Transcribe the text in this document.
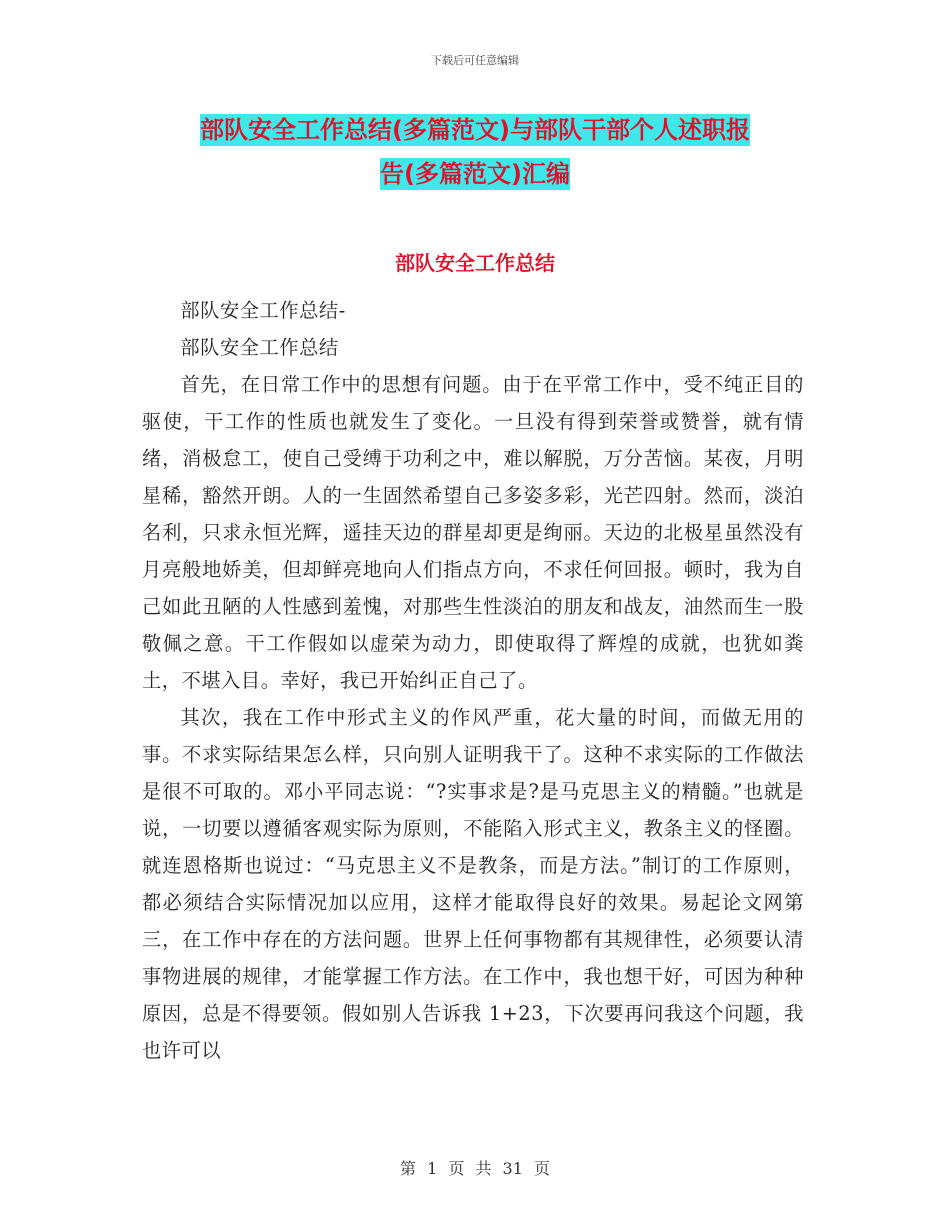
下载后可任意编辑
部队安全工作总结(多篇范文)与部队干部个人述职报
告(多篇范文)汇编
部队安全工作总结

部队安全工作总结-

部队安全工作总结

首先，在日常工作中的思想有问题。由于在平常工作中，受不纯正目的驱使，干工作的性质也就发生了变化。一旦没有得到荣誉或赞誉，就有情绪，消极怠工，使自己受缚于功利之中，难以解脱，万分苦恼。某夜，月明星稀，豁然开朗。人的一生固然希望自己多姿多彩，光芒四射。然而，淡泊名利，只求永恒光辉，遥挂天边的群星却更是绚丽。天边的北极星虽然没有月亮般地娇美，但却鲜亮地向人们指点方向，不求任何回报。顿时，我为自己如此丑陋的人性感到羞愧，对那些生性淡泊的朋友和战友，油然而生一股敬佩之意。干工作假如以虚荣为动力，即使取得了辉煌的成就，也犹如粪土，不堪入目。幸好，我已开始纠正自己了。

其次，我在工作中形式主义的作风严重，花大量的时间，而做无用的事。不求实际结果怎么样，只向别人证明我干了。这种不求实际的工作做法是很不可取的。邓小平同志说：“?实事求是?是马克思主义的精髓。”也就是说，一切要以遵循客观实际为原则，不能陷入形式主义，教条主义的怪圈。就连恩格斯也说过：“马克思主义不是教条，而是方法。”制订的工作原则，都必须结合实际情况加以应用，这样才能取得良好的效果。易起论文网第三，在工作中存在的方法问题。世界上任何事物都有其规律性，必须要认清事物进展的规律，才能掌握工作方法。在工作中，我也想干好，可因为种种原因，总是不得要领。假如别人告诉我 1+23，下次要再问我这个问题，我也许可以

第 1 页 共 31 页
